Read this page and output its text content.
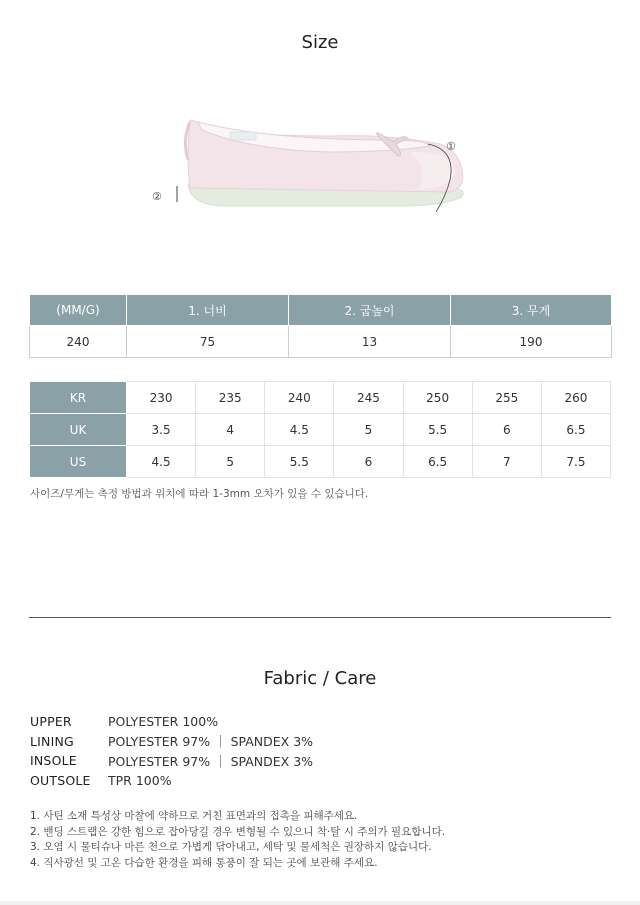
Size
①
②
(MM/G)	1. 너비	2. 굽높이	3. 무게
240	75	13	190
KR	230	235	240	245	250	255	260
UK	3.5	4	4.5	5	5.5	6	6.5
US	4.5	5	5.5	6	6.5	7	7.5
사이즈/무게는 측정 방법과 위치에 따라 1-3mm 오차가 있을 수 있습니다.
Fabric / Care
UPPER	POLYESTER 100%
LINING	POLYESTER 97% ｜ SPANDEX 3%
INSOLE	POLYESTER 97% ｜ SPANDEX 3%
OUTSOLE	TPR 100%
1. 사틴 소재 특성상 마찰에 약하므로 거친 표면과의 접촉을 피해주세요.
2. 밴딩 스트랩은 강한 힘으로 잡아당길 경우 변형될 수 있으니 착·탈 시 주의가 필요합니다.
3. 오염 시 물티슈나 마른 천으로 가볍게 닦아내고, 세탁 및 물세척은 권장하지 않습니다.
4. 직사광선 및 고온 다습한 환경을 피해 통풍이 잘 되는 곳에 보관해 주세요.
